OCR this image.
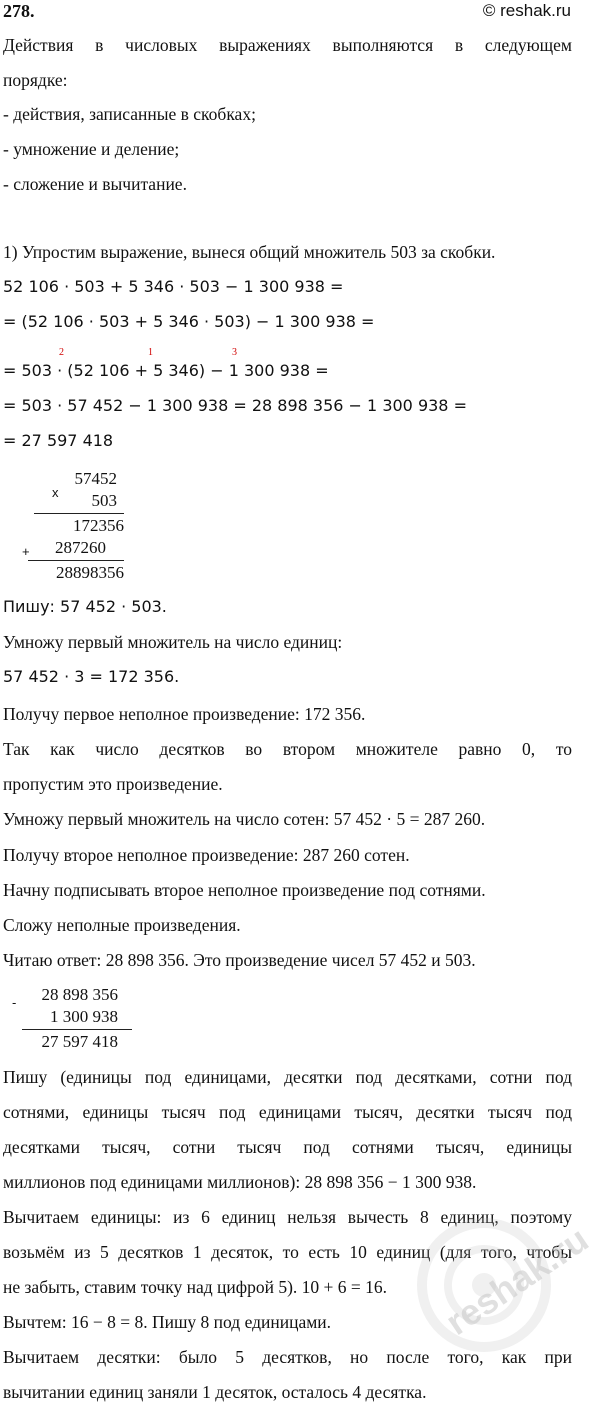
278.	© reshak.ru

Действия в числовых выражениях выполняются в следующем

порядке:

- действия, записанные в скобках;

- умножение и деление;

- сложение и вычитание.

1) Упростим выражение, вынеся общий множитель 503 за скобки.

52 106 · 503 + 5 346 · 503 − 1 300 938 =

= (52 106 · 503 + 5 346 · 503) − 1 300 938 =

2	1	3

= 503 · (52 106 + 5 346) − 1 300 938 =

= 503 · 57 452 − 1 300 938 = 28 898 356 − 1 300 938 =

= 27 597 418

x
57452
503
172356
+	287260
28898356

Пишу: 57 452 · 503.

Умножу первый множитель на число единиц:

57 452 · 3 = 172 356.

Получу первое неполное произведение: 172 356.

Так как число десятков во втором множителе равно 0, то

пропустим это произведение.

Умножу первый множитель на число сотен: 57 452 · 5 = 287 260.

Получу второе неполное произведение: 287 260 сотен.

Начну подписывать второе неполное произведение под сотнями.

Сложу неполные произведения.

Читаю ответ: 28 898 356. Это произведение чисел 57 452 и 503.

-	28 898 356
1 300 938
27 597 418

Пишу (единицы под единицами, десятки под десятками, сотни под

сотнями, единицы тысяч под единицами тысяч, десятки тысяч под

десятками тысяч, сотни тысяч под сотнями тысяч, единицы

миллионов под единицами миллионов): 28 898 356 − 1 300 938.

Вычитаем единицы: из 6 единиц нельзя вычесть 8 единиц, поэтому

возьмём из 5 десятков 1 десяток, то есть 10 единиц (для того, чтобы

не забыть, ставим точку над цифрой 5). 10 + 6 = 16.

Вычтем: 16 − 8 = 8. Пишу 8 под единицами.

Вычитаем десятки: было 5 десятков, но после того, как при

вычитании единиц заняли 1 десяток, осталось 4 десятка.

reshak.ru
